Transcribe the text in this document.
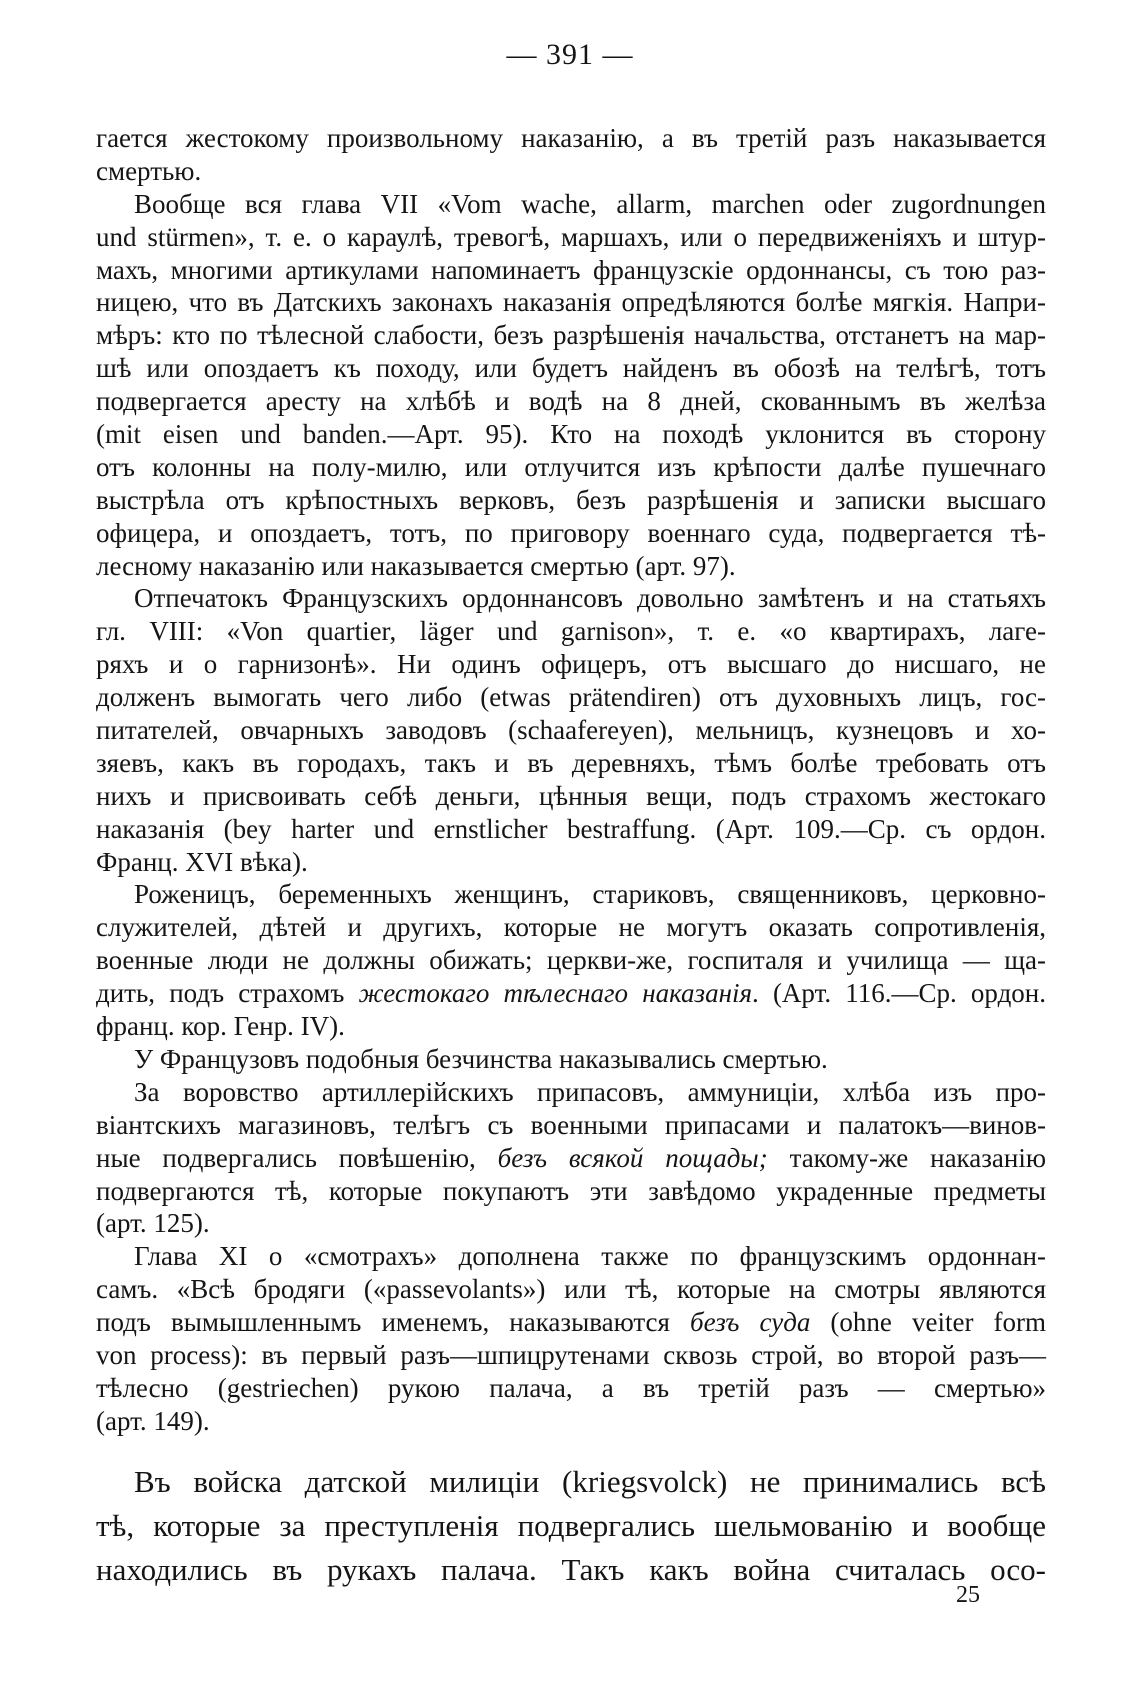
— 391 —
гается жестокому произвольному наказанію, а въ третій разъ наказывается
смертью.
Вообще вся глава VII «Vom wache, allarm, marchen oder zugordnungen
und stürmen», т. е. о караулѣ, тревогѣ, маршахъ, или о передвиженіяхъ и штур-
махъ, многими артикулами напоминаетъ французскіе ордоннансы, съ тою раз-
ницею, что въ Датскихъ законахъ наказанія опредѣляются болѣе мягкія. Напри-
мѣръ: кто по тѣлесной слабости, безъ разрѣшенія начальства, отстанетъ на мар-
шѣ или опоздаетъ къ походу, или будетъ найденъ въ обозѣ на телѣгѣ, тотъ
подвергается аресту на хлѣбѣ и водѣ на 8 дней, скованнымъ въ желѣза
(mit eisen und banden.—Арт. 95). Кто на походѣ уклонится въ сторону
отъ колонны на полу-милю, или отлучится изъ крѣпости далѣе пушечнаго
выстрѣла отъ крѣпостныхъ верковъ, безъ разрѣшенія и записки высшаго
офицера, и опоздаетъ, тотъ, по приговору военнаго суда, подвергается тѣ-
лесному наказанію или наказывается смертью (арт. 97).
Отпечатокъ Французскихъ ордоннансовъ довольно замѣтенъ и на статьяхъ
гл. VIII: «Von quartier, läger und garnison», т. е. «о квартирахъ, лаге-
ряхъ и о гарнизонѣ». Ни одинъ офицеръ, отъ высшаго до нисшаго, не
долженъ вымогать чего либо (etwas prätendiren) отъ духовныхъ лицъ, гос-
питателей, овчарныхъ заводовъ (schaafereyen), мельницъ, кузнецовъ и хо-
зяевъ, какъ въ городахъ, такъ и въ деревняхъ, тѣмъ болѣе требовать отъ
нихъ и присвоивать себѣ деньги, цѣнныя вещи, подъ страхомъ жестокаго
наказанія (bey harter und ernstlicher bestraffung. (Арт. 109.—Ср. съ ордон.
Франц. XVI вѣка).
Роженицъ, беременныхъ женщинъ, стариковъ, священниковъ, церковно-
служителей, дѣтей и другихъ, которые не могутъ оказать сопротивленія,
военные люди не должны обижать; церкви-же, госпиталя и училища — ща-
дить, подъ страхомъ жестокаго тѣлеснаго наказанія. (Арт. 116.—Ср. ордон.
франц. кор. Генр. IV).
У Французовъ подобныя безчинства наказывались смертью.
За воровство артиллерійскихъ припасовъ, аммуниціи, хлѣба изъ про-
віантскихъ магазиновъ, телѣгъ съ военными припасами и палатокъ—винов-
ные подвергались повѣшенію, безъ всякой пощады; такому-же наказанію
подвергаются тѣ, которые покупаютъ эти завѣдомо украденные предметы
(арт. 125).
Глава XI о «смотрахъ» дополнена также по французскимъ ордоннан-
самъ. «Всѣ бродяги («passevolants») или тѣ, которые на смотры являются
подъ вымышленнымъ именемъ, наказываются безъ суда (ohne veiter form
von process): въ первый разъ—шпицрутенами сквозь строй, во второй разъ—
тѣлесно (gestriechen) рукою палача, а въ третій разъ — смертью»
(арт. 149).
Въ войска датской милиціи (kriegsvolck) не принимались всѣ
тѣ, которые за преступленія подвергались шельмованію и вообще
находились въ рукахъ палача. Такъ какъ война считалась осо-
25
